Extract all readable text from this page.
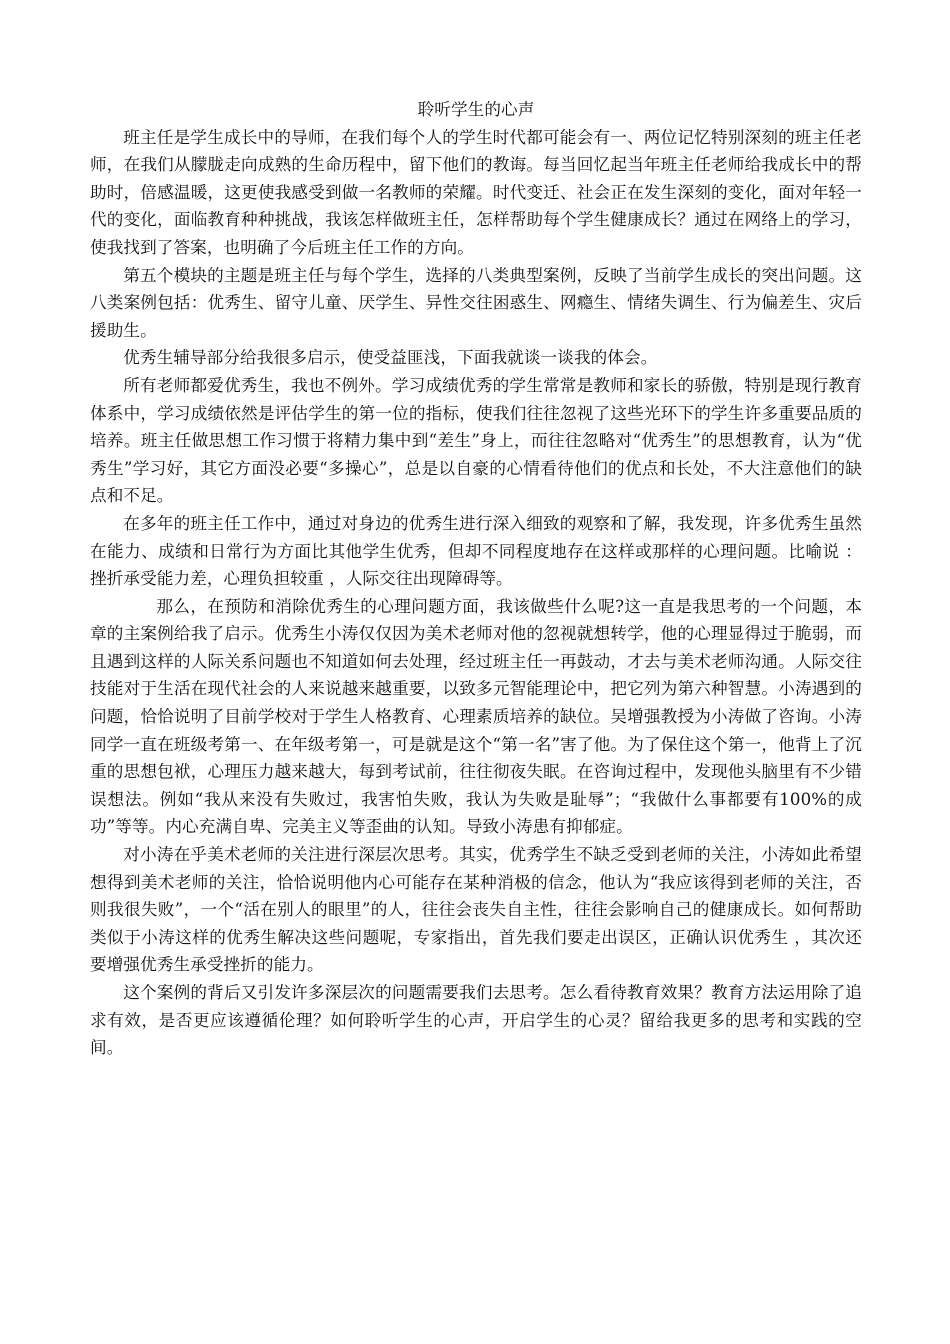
聆听学生的心声

班主任是学生成长中的导师，在我们每个人的学生时代都可能会有一、两位记忆特别深刻的班主任老师，在我们从朦胧走向成熟的生命历程中，留下他们的教诲。每当回忆起当年班主任老师给我成长中的帮助时，倍感温暖，这更使我感受到做一名教师的荣耀。时代变迁、社会正在发生深刻的变化，面对年轻一代的变化，面临教育种种挑战，我该怎样做班主任，怎样帮助每个学生健康成长？通过在网络上的学习，使我找到了答案，也明确了今后班主任工作的方向。

第五个模块的主题是班主任与每个学生，选择的八类典型案例，反映了当前学生成长的突出问题。这八类案例包括：优秀生、留守儿童、厌学生、异性交往困惑生、网瘾生、情绪失调生、行为偏差生、灾后援助生。

优秀生辅导部分给我很多启示，使受益匪浅，下面我就谈一谈我的体会。

所有老师都爱优秀生，我也不例外。学习成绩优秀的学生常常是教师和家长的骄傲，特别是现行教育体系中，学习成绩依然是评估学生的第一位的指标，使我们往往忽视了这些光环下的学生许多重要品质的培养。班主任做思想工作习惯于将精力集中到“差生”身上，而往往忽略对“优秀生”的思想教育，认为“优秀生”学习好，其它方面没必要“多操心”，总是以自豪的心情看待他们的优点和长处，不大注意他们的缺点和不足。

在多年的班主任工作中，通过对身边的优秀生进行深入细致的观察和了解，我发现，许多优秀生虽然在能力、成绩和日常行为方面比其他学生优秀，但却不同程度地存在这样或那样的心理问题。比喻说 ：挫折承受能力差，心理负担较重 ，人际交往出现障碍等。

那么，在预防和消除优秀生的心理问题方面，我该做些什么呢?这一直是我思考的一个问题，本章的主案例给我了启示。优秀生小涛仅仅因为美术老师对他的忽视就想转学，他的心理显得过于脆弱，而且遇到这样的人际关系问题也不知道如何去处理，经过班主任一再鼓动，才去与美术老师沟通。人际交往技能对于生活在现代社会的人来说越来越重要，以致多元智能理论中，把它列为第六种智慧。小涛遇到的问题，恰恰说明了目前学校对于学生人格教育、心理素质培养的缺位。吴增强教授为小涛做了咨询。小涛同学一直在班级考第一、在年级考第一，可是就是这个“第一名”害了他。为了保住这个第一，他背上了沉重的思想包袱，心理压力越来越大，每到考试前，往往彻夜失眠。在咨询过程中，发现他头脑里有不少错误想法。例如“我从来没有失败过，我害怕失败，我认为失败是耻辱”；“我做什么事都要有100%的成功”等等。内心充满自卑、完美主义等歪曲的认知。导致小涛患有抑郁症。

对小涛在乎美术老师的关注进行深层次思考。其实，优秀学生不缺乏受到老师的关注，小涛如此希望想得到美术老师的关注，恰恰说明他内心可能存在某种消极的信念，他认为“我应该得到老师的关注，否则我很失败”，一个“活在别人的眼里”的人，往往会丧失自主性，往往会影响自己的健康成长。如何帮助类似于小涛这样的优秀生解决这些问题呢，专家指出，首先我们要走出误区，正确认识优秀生 ，其次还要增强优秀生承受挫折的能力。

这个案例的背后又引发许多深层次的问题需要我们去思考。怎么看待教育效果？教育方法运用除了追求有效，是否更应该遵循伦理？如何聆听学生的心声，开启学生的心灵？留给我更多的思考和实践的空间。
